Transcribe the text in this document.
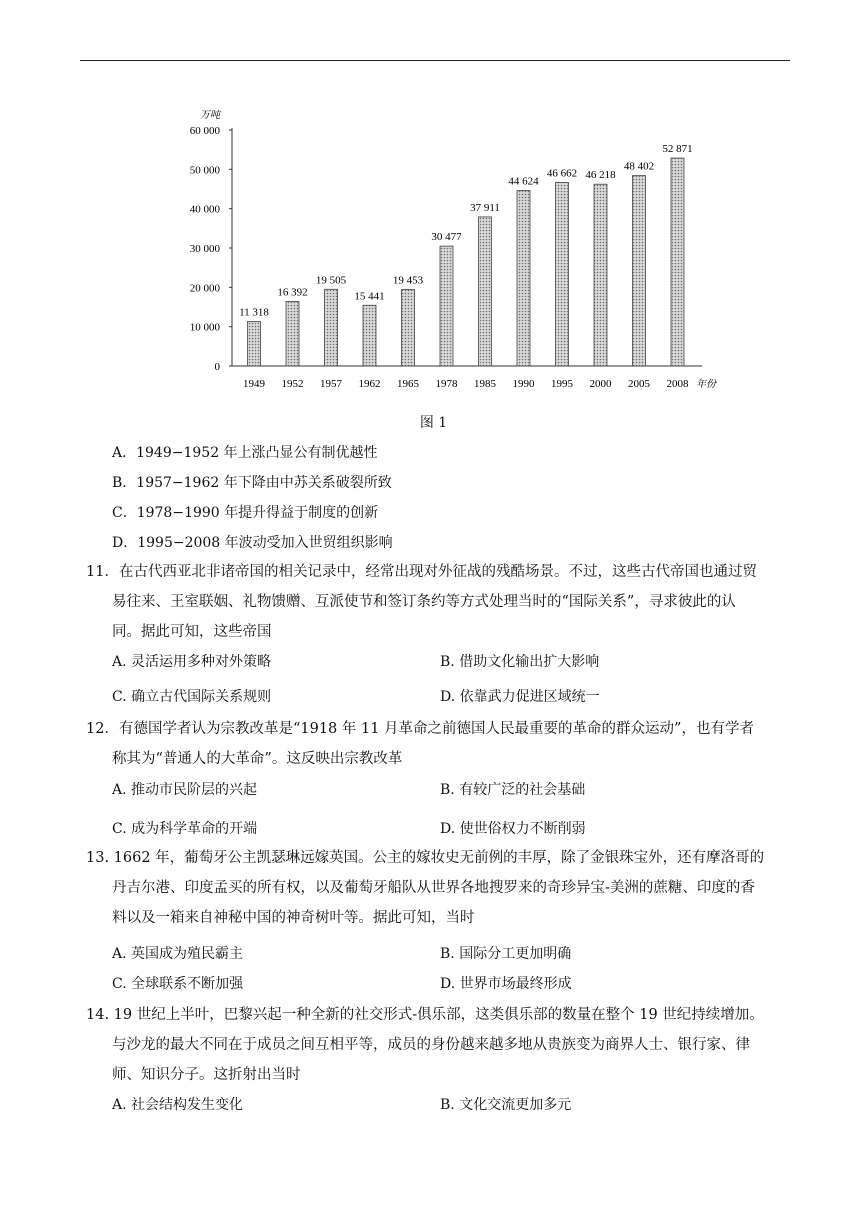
60 000
50 000
40 000
30 000
20 000
10 000
0
万吨
年份
11 318
1949
16 392
1952
19 505
1957
15 441
1962
19 453
1965
30 477
1978
37 911
1985
44 624
1990
46 662
1995
46 218
2000
48 402
2005
52 871
2008
图 1
A．1949−1952 年上涨凸显公有制优越性
B．1957−1962 年下降由中苏关系破裂所致
C．1978−1990 年提升得益于制度的创新
D．1995−2008 年波动受加入世贸组织影响
11．在古代西亚北非诸帝国的相关记录中，经常出现对外征战的残酷场景。不过，这些古代帝国也通过贸
易往来、王室联姻、礼物馈赠、互派使节和签订条约等方式处理当时的“国际关系”，寻求彼此的认
同。据此可知，这些帝国
A. 灵活运用多种对外策略	B. 借助文化输出扩大影响
C. 确立古代国际关系规则	D. 依靠武力促进区域统一
12．有德国学者认为宗教改革是“1918 年 11 月革命之前德国人民最重要的革命的群众运动”，也有学者
称其为“普通人的大革命”。这反映出宗教改革
A. 推动市民阶层的兴起	B. 有较广泛的社会基础
C. 成为科学革命的开端	D. 使世俗权力不断削弱
13. 1662 年，葡萄牙公主凯瑟琳远嫁英国。公主的嫁妆史无前例的丰厚，除了金银珠宝外，还有摩洛哥的
丹吉尔港、印度孟买的所有权，以及葡萄牙船队从世界各地搜罗来的奇珍异宝-美洲的蔗糖、印度的香
料以及一箱来自神秘中国的神奇树叶等。据此可知，当时
A. 英国成为殖民霸主	B. 国际分工更加明确
C. 全球联系不断加强	D. 世界市场最终形成
14. 19 世纪上半叶，巴黎兴起一种全新的社交形式-俱乐部，这类俱乐部的数量在整个 19 世纪持续增加。
与沙龙的最大不同在于成员之间互相平等，成员的身份越来越多地从贵族变为商界人士、银行家、律
师、知识分子。这折射出当时
A. 社会结构发生变化	B. 文化交流更加多元
